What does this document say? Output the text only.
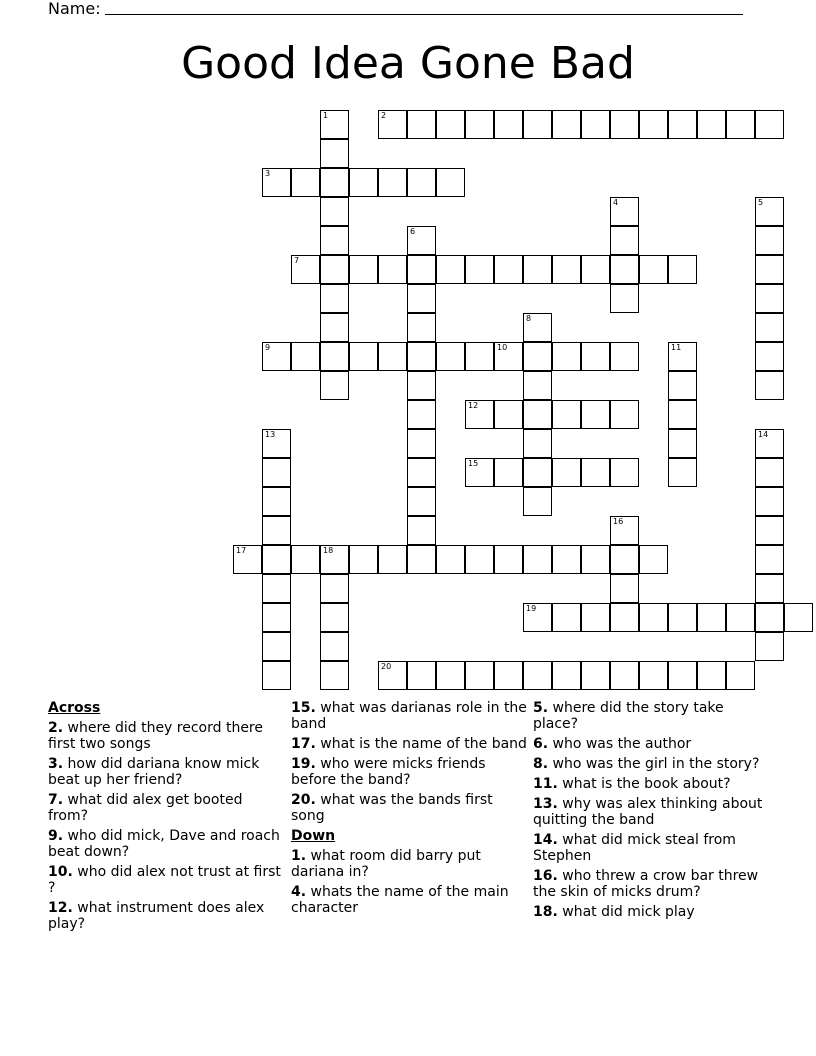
Name:
Good Idea Gone Bad
1	2
3
4	5
6
7
8
9	10	11
12
13	14
15
16
17	18
19
20
Across
2. where did they record there first two songs
3. how did dariana know mick beat up her friend?
7. what did alex get booted from?
9. who did mick, Dave and roach beat down?
10. who did alex not trust at first ?
12. what instrument does alex play?
15. what was darianas role in the band
17. what is the name of the band
19. who were micks friends before the band?
20. what was the bands first song
Down
1. what room did barry put dariana in?
4. whats the name of the main character
5. where did the story take place?
6. who was the author
8. who was the girl in the story?
11. what is the book about?
13. why was alex thinking about quitting the band
14. what did mick steal from Stephen
16. who threw a crow bar threw the skin of micks drum?
18. what did mick play
